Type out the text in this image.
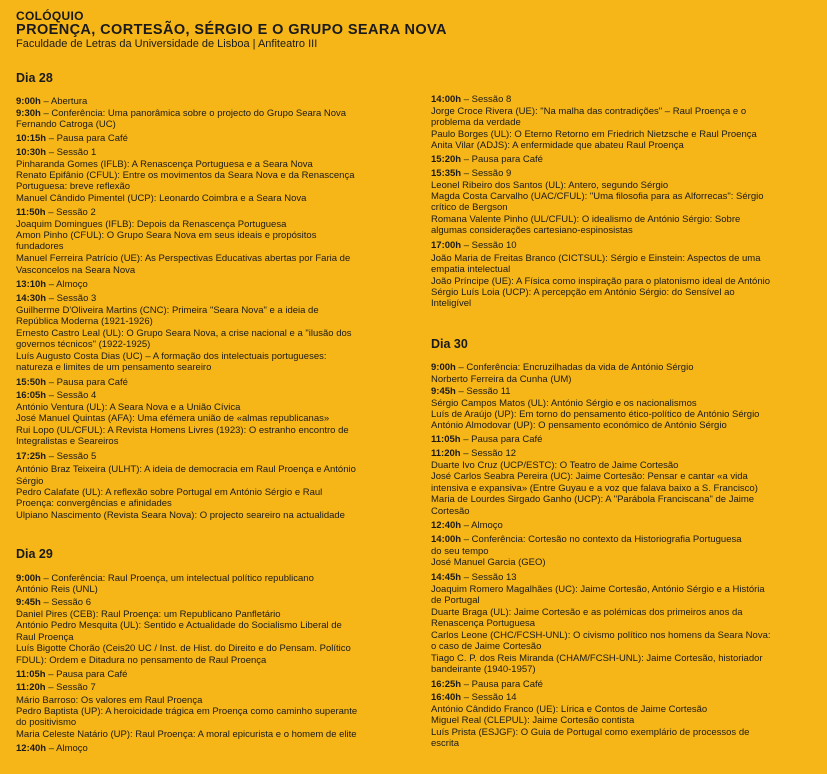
COLÓQUIO
PROENÇA, CORTESÃO, SÉRGIO E O GRUPO SEARA NOVA
Faculdade de Letras da Universidade de Lisboa | Anfiteatro III
Dia 28
Dia 29
Dia 30
9:00h – Abertura
9:30h – Conferência: Uma panorâmica sobre o projecto do Grupo Seara Nova
Fernando Catroga (UC)
10:15h – Pausa para Café
10:30h – Sessão 1
Pinharanda Gomes (IFLB): A Renascença Portuguesa e a Seara Nova
Renato Epifânio (CFUL): Entre os movimentos da Seara Nova e da Renascença
Portuguesa: breve reflexão
Manuel Cândido Pimentel (UCP): Leonardo Coimbra e a Seara Nova
11:50h – Sessão 2
Joaquim Domingues (IFLB): Depois da Renascença Portuguesa
Amon Pinho (CFUL): O Grupo Seara Nova em seus ideais e propósitos
fundadores
Manuel Ferreira Patrício (UE): As Perspectivas Educativas abertas por Faria de
Vasconcelos na Seara Nova
13:10h – Almoço
14:30h – Sessão 3
Guilherme D'Oliveira Martins (CNC): Primeira "Seara Nova" e a ideia de
República Moderna (1921-1926)
Ernesto Castro Leal (UL): O Grupo Seara Nova, a crise nacional e a "ilusão dos
governos técnicos" (1922-1925)
Luís Augusto Costa Dias (UC) – A formação dos intelectuais portugueses:
natureza e limites de um pensamento seareiro
15:50h – Pausa para Café
16:05h – Sessão 4
António Ventura (UL): A Seara Nova e a União Cívica
José Manuel Quintas (AFA): Uma efémera união de «almas republicanas»
Rui Lopo (UL/CFUL): A Revista Homens Livres (1923): O estranho encontro de
Integralistas e Seareiros
17:25h – Sessão 5
António Braz Teixeira (ULHT): A ideia de democracia em Raul Proença e António
Sérgio
Pedro Calafate (UL): A reflexão sobre Portugal em António Sérgio e Raul
Proença: convergências e afinidades
Ulpiano Nascimento (Revista Seara Nova): O projecto seareiro na actualidade
9:00h – Conferência: Raul Proença, um intelectual político republicano
António Reis (UNL)
9:45h – Sessão 6
Daniel Pires (CEB): Raul Proença: um Republicano Panfletário
António Pedro Mesquita (UL): Sentido e Actualidade do Socialismo Liberal de
Raul Proença
Luís Bigotte Chorão (Ceis20 UC / Inst. de Hist. do Direito e do Pensam. Político
FDUL): Ordem e Ditadura no pensamento de Raul Proença
11:05h – Pausa para Café
11:20h – Sessão 7
Mário Barroso: Os valores em Raul Proença
Pedro Baptista (UP): A heroicidade trágica em Proença como caminho superante
do positivismo
Maria Celeste Natário (UP): Raul Proença: A moral epicurista e o homem de elite
12:40h – Almoço
14:00h – Sessão 8
Jorge Croce Rivera (UE): "Na malha das contradições" – Raul Proença e o
problema da verdade
Paulo Borges (UL): O Eterno Retorno em Friedrich Nietzsche e Raul Proença
Anita Vilar (ADJS): A enfermidade que abateu Raul Proença
15:20h – Pausa para Café
15:35h – Sessão 9
Leonel Ribeiro dos Santos (UL): Antero, segundo Sérgio
Magda Costa Carvalho (UAC/CFUL): "Uma filosofia para as Alforrecas": Sérgio
crítico de Bergson
Romana Valente Pinho (UL/CFUL): O idealismo de António Sérgio: Sobre
algumas considerações cartesiano-espinosistas
17:00h – Sessão 10
João Maria de Freitas Branco (CICTSUL): Sérgio e Einstein: Aspectos de uma
empatia intelectual
João Príncipe (UE): A Física como inspiração para o platonismo ideal de António
Sérgio Luís Loia (UCP): A percepção em António Sérgio: do Sensível ao
Inteligível
9:00h – Conferência: Encruzilhadas da vida de António Sérgio
Norberto Ferreira da Cunha (UM)
9:45h – Sessão 11
Sérgio Campos Matos (UL): António Sérgio e os nacionalismos
Luís de Araújo (UP): Em torno do pensamento ético-político de António Sérgio
António Almodovar (UP): O pensamento económico de António Sérgio
11:05h – Pausa para Café
11:20h – Sessão 12
Duarte Ivo Cruz (UCP/ESTC): O Teatro de Jaime Cortesão
José Carlos Seabra Pereira (UC): Jaime Cortesão: Pensar e cantar «a vida
intensiva e expansiva» (Entre Guyau e a voz que falava baixo a S. Francisco)
Maria de Lourdes Sirgado Ganho (UCP): A "Parábola Franciscana" de Jaime
Cortesão
12:40h – Almoço
14:00h – Conferência: Cortesão no contexto da Historiografia Portuguesa
do seu tempo
José Manuel Garcia (GEO)
14:45h – Sessão 13
Joaquim Romero Magalhães (UC): Jaime Cortesão, António Sérgio e a História
de Portugal
Duarte Braga (UL): Jaime Cortesão e as polémicas dos primeiros anos da
Renascença Portuguesa
Carlos Leone (CHC/FCSH-UNL): O civismo político nos homens da Seara Nova:
o caso de Jaime Cortesão
Tiago C. P. dos Reis Miranda (CHAM/FCSH-UNL): Jaime Cortesão, historiador
bandeirante (1940-1957)
16:25h – Pausa para Café
16:40h – Sessão 14
António Cândido Franco (UE): Lírica e Contos de Jaime Cortesão
Miguel Real (CLEPUL): Jaime Cortesão contista
Luís Prista (ESJGF): O Guia de Portugal como exemplário de processos de
escrita
